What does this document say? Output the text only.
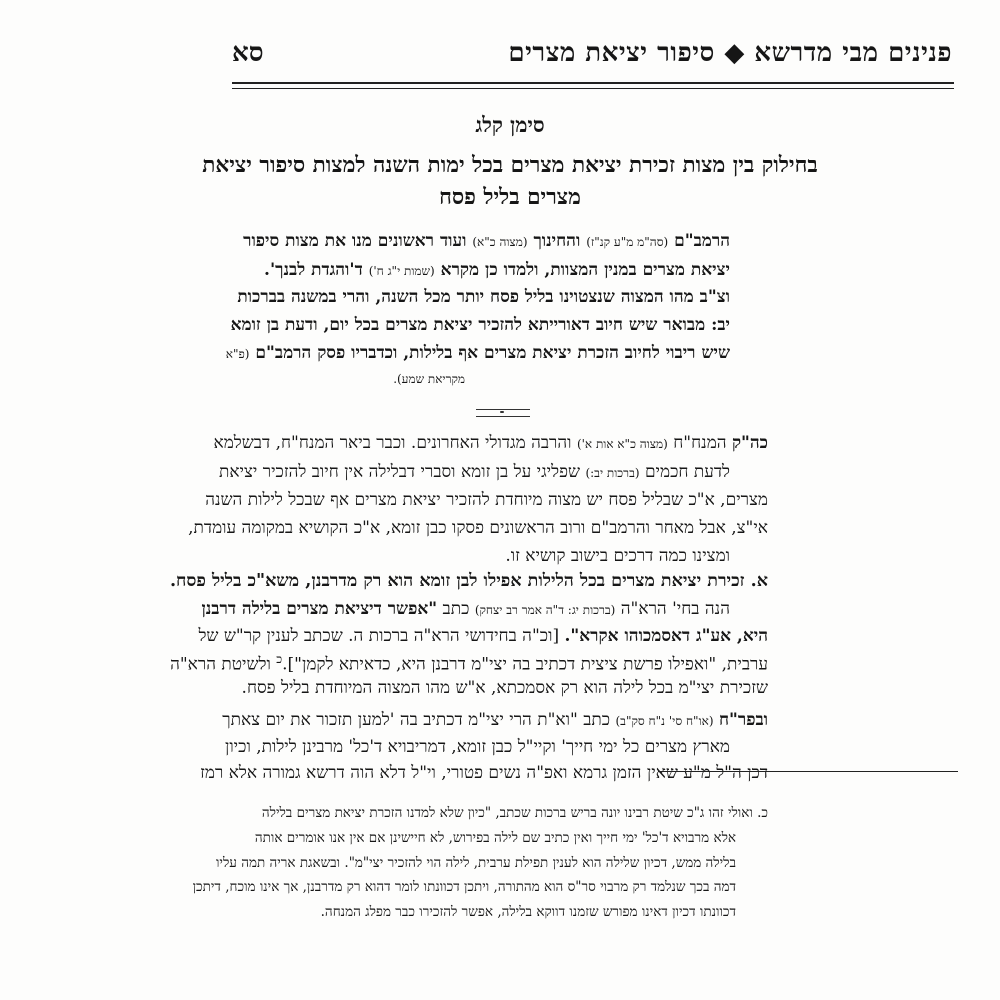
פנינים מבי מדרשא ◆ סיפור יציאת מצרים
סא
סימן קלג
בחילוק בין מצות זכירת יציאת מצרים בכל ימות השנה למצות סיפור יציאת
מצרים בליל פסח
הרמב"ם (סה"מ מ"ע קנ"ז) והחינוך (מצוה כ"א) ועוד ראשונים מנו את מצות סיפור
יציאת מצרים במנין המצוות, ולמדו כן מקרא (שמות י"ג ח') ד'והגדת לבנך'.
וצ"ב מהו המצוה שנצטוינו בליל פסח יותר מכל השנה, והרי במשנה בברכות
יב: מבואר שיש חיוב דאורייתא להזכיר יציאת מצרים בכל יום, ודעת בן זומא
שיש ריבוי לחיוב הזכרת יציאת מצרים אף בלילות, וכדבריו פסק הרמב"ם (פ"א
מקריאת שמע).
כה"ק המנח"ח (מצוה כ"א אות א') והרבה מגדולי האחרונים. וכבר ביאר המנח"ח, דבשלמא
לדעת חכמים (ברכות יב:) שפליגי על בן זומא וסברי דבלילה אין חיוב להזכיר יציאת
מצרים, א"כ שבליל פסח יש מצוה מיוחדת להזכיר יציאת מצרים אף שבכל לילות השנה
אי"צ, אבל מאחר והרמב"ם ורוב הראשונים פסקו כבן זומא, א"כ הקושיא במקומה עומדת,
ומצינו כמה דרכים בישוב קושיא זו.
א. זכירת יציאת מצרים בכל הלילות אפילו לבן זומא הוא רק מדרבנן, משא"כ בליל פסח.
הנה בחי' הרא"ה (ברכות יג: ד"ה אמר רב יצחק) כתב "אפשר דיציאת מצרים בלילה דרבנן
היא, אע"ג דאסמכוהו אקרא". [וכ"ה בחידושי הרא"ה ברכות ה. שכתב לענין קר"ש של
ערבית, "ואפילו פרשת ציצית דכתיב בה יצי"מ דרבנן היא, כדאיתא לקמן"].$^כ$ ולשיטת הרא"ה
שזכירת יצי"מ בכל לילה הוא רק אסמכתא, א"ש מהו המצוה המיוחדת בליל פסח.
ובפר"ח (או"ח סי' נ"ח סק"ב) כתב "וא"ת הרי יצי"מ דכתיב בה 'למען תזכור את יום צאתך
מארץ מצרים כל ימי חייך' וקיי"ל כבן זומא, דמריבויא ד'כל' מרבינן לילות, וכיון
דכן ה"ל מ"ע שאין הזמן גרמא ואפ"ה נשים פטורי, וי"ל דלא הוה דרשא גמורה אלא רמז
כ. ואולי זהו ג"כ שיטת רבינו יונה בריש ברכות שכתב, "כיון שלא למדנו הזכרת יציאת מצרים בלילה
אלא מרבויא ד'כל' ימי חייך ואין כתיב שם לילה בפירוש, לא חיישינן אם אין אנו אומרים אותה
בלילה ממש, דכיון שלילה הוא לענין תפילת ערבית, לילה הוי להזכיר יצי"מ". ובשאגת אריה תמה עליו
דמה בכך שנלמד רק מרבוי סר"ס הוא מהתורה, ויתכן דכוונתו לומר דהוא רק מדרבנן, אך אינו מוכח, דיתכן
דכוונתו דכיון דאינו מפורש שזמנו דווקא בלילה, אפשר להזכירו כבר מפלג המנחה.
